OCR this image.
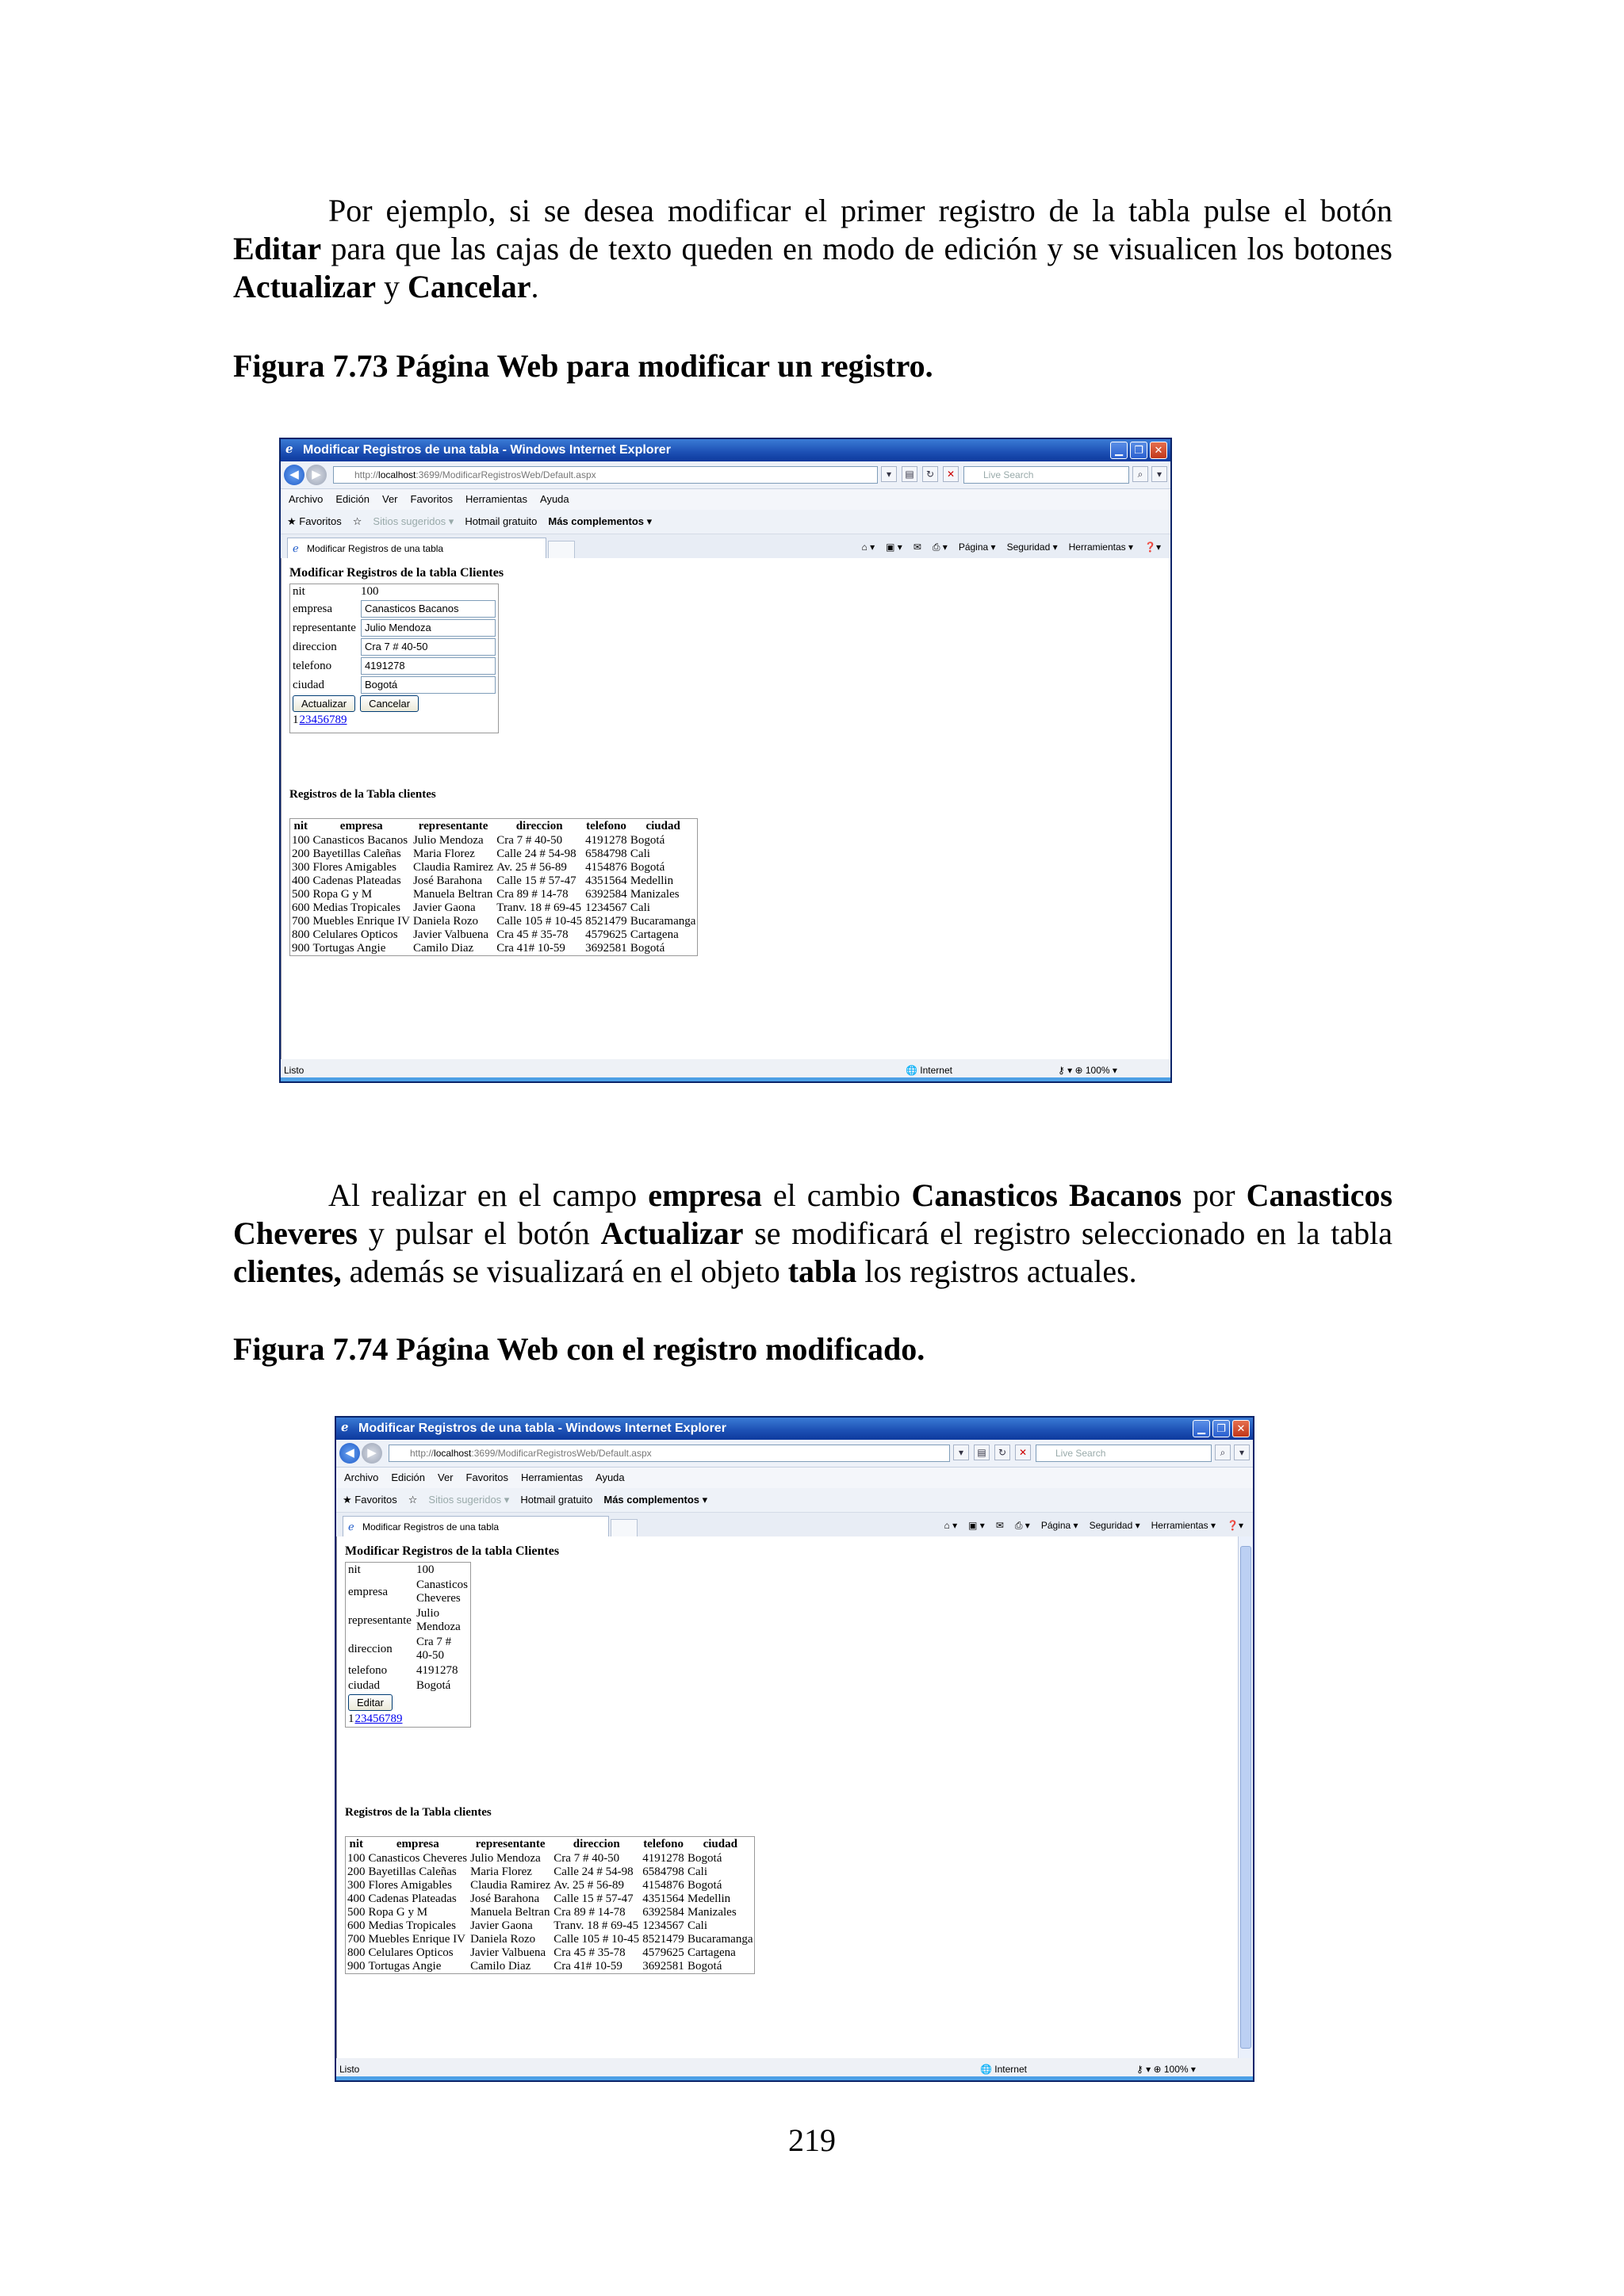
Por ejemplo, si se desea modificar el primer registro de la tabla pulse el botón Editar para que las cajas de texto queden en modo de edición y se visualicen los botones Actualizar y Cancelar.

Figura 7.73 Página Web para modificar un registro.
ℯ Modificar Registros de una tabla - Windows Internet Explorer	▁	❐	✕
◀	▶	http://localhost:3699/ModificarRegistrosWeb/Default.aspx	▾	▤	↻	✕	Live Search	⌕	▾
Archivo Edición Ver Favoritos Herramientas Ayuda
★ Favoritos ☆ Sitios sugeridos ▾ Hotmail gratuito Más complementos ▾
ℯ Modificar Registros de una tabla	⌂ ▾ ▣ ▾ ✉ ⎙ ▾ Página ▾ Seguridad ▾ Herramientas ▾ ❓▾
Listo	🌐 Internet	⚷ ▾ ⊕ 100% ▾
Modificar Registros de la tabla Clientes
nit	100
empresa	Canasticos Bacanos

representante	Julio Mendoza

direccion	Cra 7 # 40-50

telefono	4191278

ciudad	Bogotá

Actualizar Cancelar	
123456789	

Registros de la Tabla clientes
nit	empresa	representante	direccion	telefono	ciudad
100	Canasticos Bacanos	Julio Mendoza	Cra 7 # 40-50	4191278	Bogotá
200	Bayetillas Caleñas	Maria Florez	Calle 24 # 54-98	6584798	Cali
300	Flores Amigables	Claudia Ramirez	Av. 25 # 56-89	4154876	Bogotá
400	Cadenas Plateadas	José Barahona	Calle 15 # 57-47	4351564	Medellin
500	Ropa G y M	Manuela Beltran	Cra 89 # 14-78	6392584	Manizales
600	Medias Tropicales	Javier Gaona	Tranv. 18 # 69-45	1234567	Cali
700	Muebles Enrique IV	Daniela Rozo	Calle 105 # 10-45	8521479	Bucaramanga
800	Celulares Opticos	Javier Valbuena	Cra 45 # 35-78	4579625	Cartagena
900	Tortugas Angie	Camilo Diaz	Cra 41# 10-59	3692581	Bogotá

Al realizar en el campo empresa el cambio Canasticos Bacanos por Canasticos Cheveres y pulsar el botón Actualizar se modificará el registro seleccionado en la tabla clientes, además se visualizará en el objeto tabla los registros actuales.

Figura 7.74 Página Web con el registro modificado.
ℯ Modificar Registros de una tabla - Windows Internet Explorer	▁	❐	✕
◀	▶	http://localhost:3699/ModificarRegistrosWeb/Default.aspx	▾	▤	↻	✕	Live Search	⌕	▾
Archivo Edición Ver Favoritos Herramientas Ayuda
★ Favoritos ☆ Sitios sugeridos ▾ Hotmail gratuito Más complementos ▾
ℯ Modificar Registros de una tabla	⌂ ▾ ▣ ▾ ✉ ⎙ ▾ Página ▾ Seguridad ▾ Herramientas ▾ ❓▾
Listo	🌐 Internet	⚷ ▾ ⊕ 100% ▾
Modificar Registros de la tabla Clientes
nit	100
empresa	Canasticos
Cheveres
representante	Julio
Mendoza
direccion	Cra 7 #
40-50
telefono	4191278
ciudad	Bogotá
Editar	
123456789	
Registros de la Tabla clientes
nit	empresa	representante	direccion	telefono	ciudad
100	Canasticos Cheveres	Julio Mendoza	Cra 7 # 40-50	4191278	Bogotá
200	Bayetillas Caleñas	Maria Florez	Calle 24 # 54-98	6584798	Cali
300	Flores Amigables	Claudia Ramirez	Av. 25 # 56-89	4154876	Bogotá
400	Cadenas Plateadas	José Barahona	Calle 15 # 57-47	4351564	Medellin
500	Ropa G y M	Manuela Beltran	Cra 89 # 14-78	6392584	Manizales
600	Medias Tropicales	Javier Gaona	Tranv. 18 # 69-45	1234567	Cali
700	Muebles Enrique IV	Daniela Rozo	Calle 105 # 10-45	8521479	Bucaramanga
800	Celulares Opticos	Javier Valbuena	Cra 45 # 35-78	4579625	Cartagena
900	Tortugas Angie	Camilo Diaz	Cra 41# 10-59	3692581	Bogotá
219
